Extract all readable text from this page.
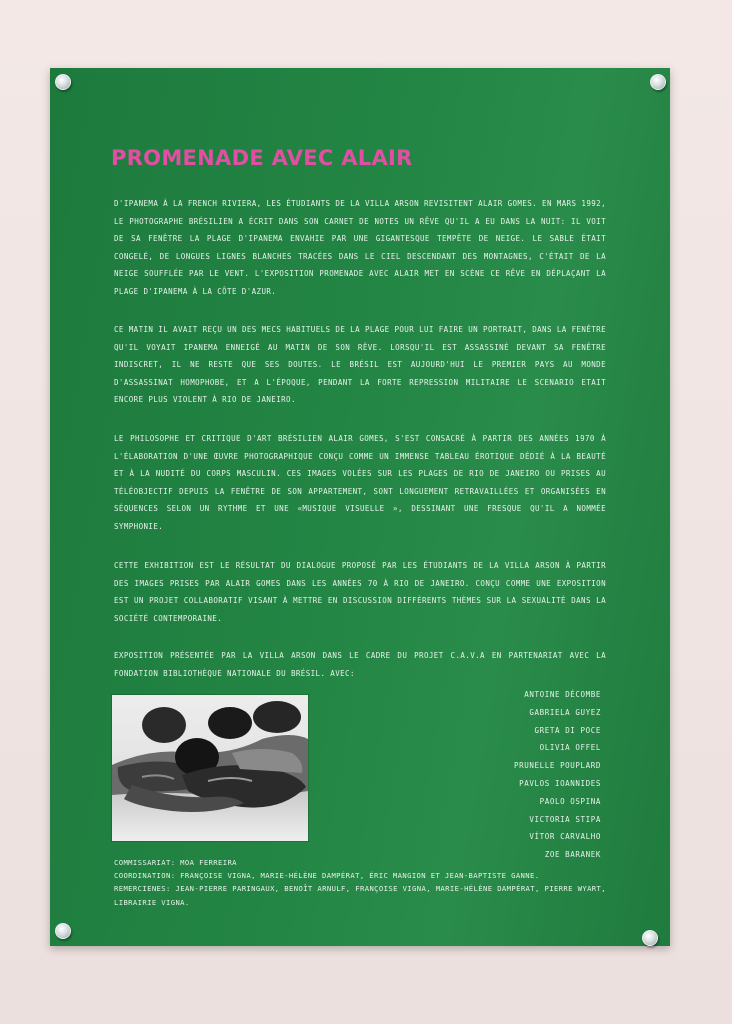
PROMENADE AVEC ALAIR

D'IPANEMA À LA FRENCH RIVIERA, LES ÉTUDIANTS DE LA VILLA ARSON REVISITENT ALAIR GOMES. EN MARS 1992, LE PHOTOGRAPHE BRÉSILIEN A ÉCRIT DANS SON CARNET DE NOTES UN RÊVE QU'IL A EU DANS LA NUIT: IL VOIT DE SA FENÊTRE LA PLAGE D'IPANEMA ENVAHIE PAR UNE GIGANTESQUE TEMPÊTE DE NEIGE. LE SABLE ÉTAIT CONGELÉ, DE LONGUES LIGNES BLANCHES TRACÉES DANS LE CIEL DESCENDANT DES MONTAGNES, C'ÉTAIT DE LA NEIGE SOUFFLÉE PAR LE VENT. L'EXPOSITION PROMENADE AVEC ALAIR MET EN SCÈNE CE RÊVE EN DÉPLAÇANT LA PLAGE D'IPANEMA À LA CÔTE D'AZUR.

CE MATIN IL AVAIT REÇU UN DES MECS HABITUELS DE LA PLAGE POUR LUI FAIRE UN PORTRAIT, DANS LA FENÊTRE QU'IL VOYAIT IPANEMA ENNEIGÉ AU MATIN DE SON RÊVE. LORSQU'IL EST ASSASSINÉ DEVANT SA FENÊTRE INDISCRET, IL NE RESTE QUE SES DOUTES. LE BRÉSIL EST AUJOURD'HUI LE PREMIER PAYS AU MONDE D'ASSASSINAT HOMOPHOBE, ET A L'ÉPOQUE, PENDANT LA FORTE REPRESSION MILITAIRE LE SCENARIO ETAIT ENCORE PLUS VIOLENT À RIO DE JANEIRO.

LE PHILOSOPHE ET CRITIQUE D'ART BRÉSILIEN ALAIR GOMES, S'EST CONSACRÉ À PARTIR DES ANNÉES 1970 À L'ÉLABORATION D'UNE ŒUVRE PHOTOGRAPHIQUE CONÇU COMME UN IMMENSE TABLEAU ÉROTIQUE DÉDIÉ À LA BEAUTÉ ET À LA NUDITÉ DU CORPS MASCULIN. CES IMAGES VOLÉES SUR LES PLAGES DE RIO DE JANEIRO OU PRISES AU TÉLÉOBJECTIF DEPUIS LA FENÊTRE DE SON APPARTEMENT, SONT LONGUEMENT RETRAVAILLÉES ET ORGANISÉES EN SÉQUENCES SELON UN RYTHME ET UNE «MUSIQUE VISUELLE », DESSINANT UNE FRESQUE QU'IL A NOMMÉE SYMPHONIE.

CETTE EXHIBITION EST LE RÉSULTAT DU DIALOGUE PROPOSÉ PAR LES ÉTUDIANTS DE LA VILLA ARSON À PARTIR DES IMAGES PRISES PAR ALAIR GOMES DANS LES ANNÉES 70 À RIO DE JANEIRO. CONÇU COMME UNE EXPOSITION EST UN PROJET COLLABORATIF VISANT À METTRE EN DISCUSSION DIFFÉRENTS THÈMES SUR LA SEXUALITÉ DANS LA SOCIÉTÉ CONTEMPORAINE.

EXPOSITION PRÉSENTÉE PAR LA VILLA ARSON DANS LE CADRE DU PROJET C.A.V.A EN PARTENARIAT AVEC LA FONDATION BIBLIOTHÈQUE NATIONALE DU BRÉSIL. AVEC:

ANTOINE DÉCOMBE
GABRIELA GUYEZ
GRETA DI POCE
OLIVIA OFFEL
PRUNELLE POUPLARD
PAVLOS IOANNIDES
PAOLO OSPINA
VICTORIA STIPA
VÍTOR CARVALHO
ZOE BARANEK

COMMISSARIAT: MOA FERREIRA

COORDINATION: FRANÇOISE VIGNA, MARIE-HÉLÈNE DAMPÉRAT, ÉRIC MANGION ET JEAN-BAPTISTE GANNE.

REMERCIENES: JEAN-PIERRE PARINGAUX, BENOÎT ARNULF, FRANÇOISE VIGNA, MARIE-HÉLÈNE DAMPÉRAT, PIERRE WYART, LIBRAIRIE VIGNA.
